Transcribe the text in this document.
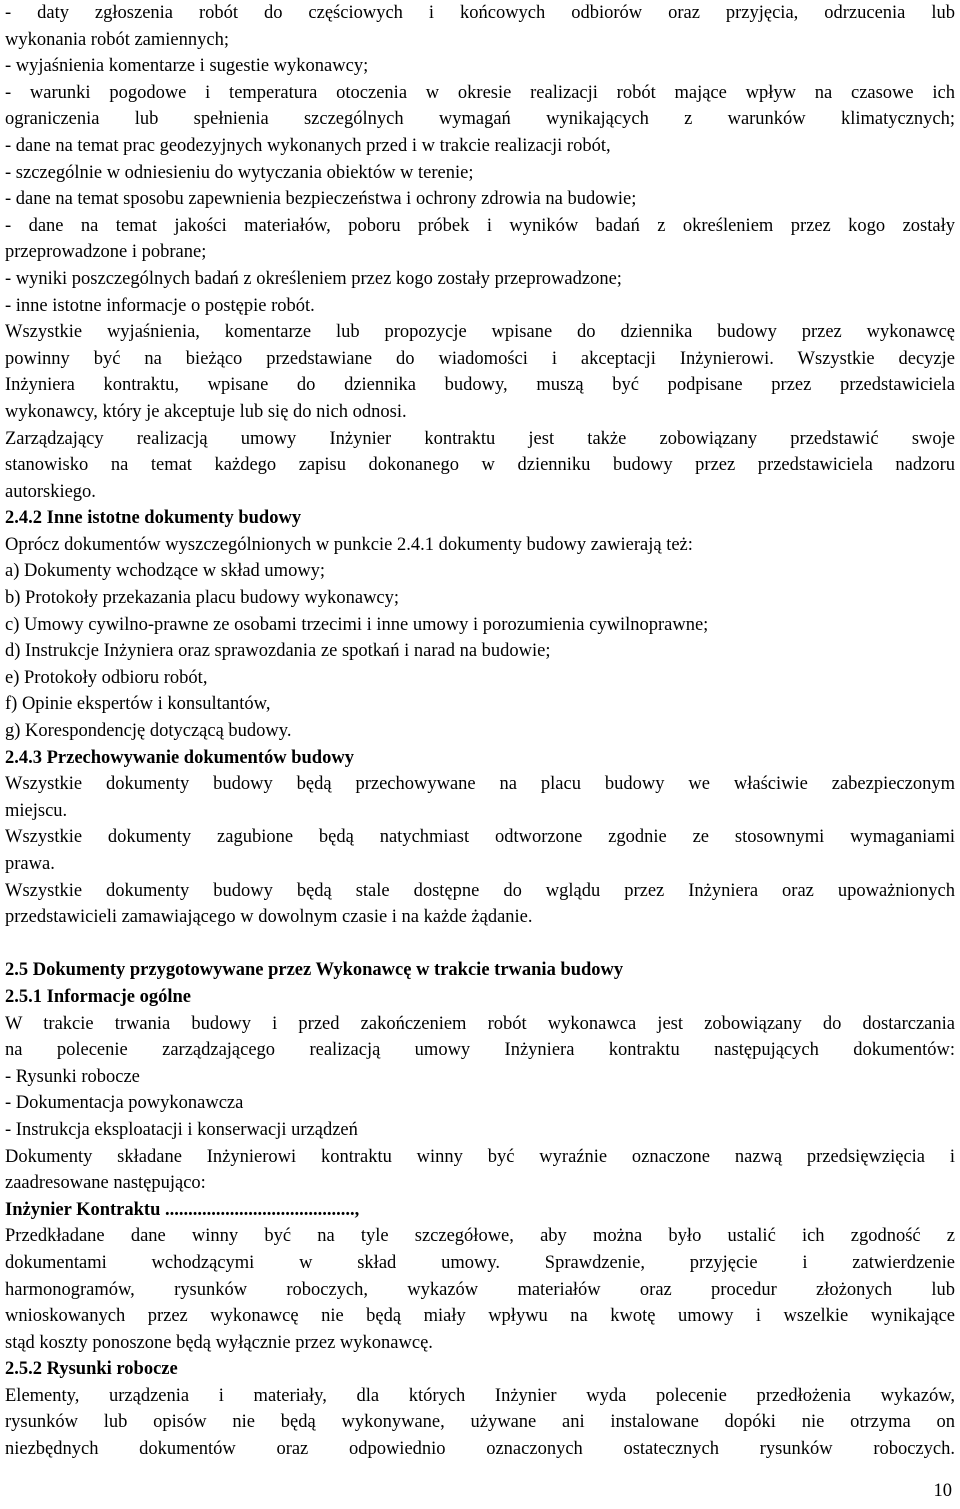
- daty zgłoszenia robót do częściowych i końcowych odbiorów oraz przyjęcia, odrzucenia lub
wykonania robót zamiennych;
- wyjaśnienia komentarze i sugestie wykonawcy;
- warunki pogodowe i temperatura otoczenia w okresie realizacji robót mające wpływ na czasowe ich
ograniczenia lub spełnienia szczególnych wymagań wynikających z warunków klimatycznych;
- dane na temat prac geodezyjnych wykonanych przed i w trakcie realizacji robót,
- szczególnie w odniesieniu do wytyczania obiektów w terenie;
- dane na temat sposobu zapewnienia bezpieczeństwa i ochrony zdrowia na budowie;
- dane na temat jakości materiałów, poboru próbek i wyników badań z określeniem przez kogo zostały
przeprowadzone i pobrane;
- wyniki poszczególnych badań z określeniem przez kogo zostały przeprowadzone;
- inne istotne informacje o postępie robót.
Wszystkie wyjaśnienia, komentarze lub propozycje wpisane do dziennika budowy przez wykonawcę
powinny być na bieżąco przedstawiane do wiadomości i akceptacji Inżynierowi. Wszystkie decyzje
Inżyniera kontraktu, wpisane do dziennika budowy, muszą być podpisane przez przedstawiciela
wykonawcy, który je akceptuje lub się do nich odnosi.
Zarządzający realizacją umowy Inżynier kontraktu jest także zobowiązany przedstawić swoje
stanowisko na temat każdego zapisu dokonanego w dzienniku budowy przez przedstawiciela nadzoru
autorskiego.
2.4.2 Inne istotne dokumenty budowy
Oprócz dokumentów wyszczególnionych w punkcie 2.4.1 dokumenty budowy zawierają też:
a) Dokumenty wchodzące w skład umowy;
b) Protokoły przekazania placu budowy wykonawcy;
c) Umowy cywilno-prawne ze osobami trzecimi i inne umowy i porozumienia cywilnoprawne;
d) Instrukcje Inżyniera oraz sprawozdania ze spotkań i narad na budowie;
e) Protokoły odbioru robót,
f) Opinie ekspertów i konsultantów,
g) Korespondencję dotyczącą budowy.
2.4.3 Przechowywanie dokumentów budowy
Wszystkie dokumenty budowy będą przechowywane na placu budowy we właściwie zabezpieczonym
miejscu.
Wszystkie dokumenty zagubione będą natychmiast odtworzone zgodnie ze stosownymi wymaganiami
prawa.
Wszystkie dokumenty budowy będą stale dostępne do wglądu przez Inżyniera oraz upoważnionych
przedstawicieli zamawiającego w dowolnym czasie i na każde żądanie.
2.5 Dokumenty przygotowywane przez Wykonawcę w trakcie trwania budowy
2.5.1 Informacje ogólne
W trakcie trwania budowy i przed zakończeniem robót wykonawca jest zobowiązany do dostarczania
na polecenie zarządzającego realizacją umowy Inżyniera kontraktu następujących dokumentów:
- Rysunki robocze
- Dokumentacja powykonawcza
- Instrukcja eksploatacji i konserwacji urządzeń
Dokumenty składane Inżynierowi kontraktu winny być wyraźnie oznaczone nazwą przedsięwzięcia i
zaadresowane następująco:
Inżynier Kontraktu .........................................,
Przedkładane dane winny być na tyle szczegółowe, aby można było ustalić ich zgodność z
dokumentami wchodzącymi w skład umowy. Sprawdzenie, przyjęcie i zatwierdzenie
harmonogramów, rysunków roboczych, wykazów materiałów oraz procedur złożonych lub
wnioskowanych przez wykonawcę nie będą miały wpływu na kwotę umowy i wszelkie wynikające
stąd koszty ponoszone będą wyłącznie przez wykonawcę.
2.5.2 Rysunki robocze
Elementy, urządzenia i materiały, dla których Inżynier wyda polecenie przedłożenia wykazów,
rysunków lub opisów nie będą wykonywane, używane ani instalowane dopóki nie otrzyma on
niezbędnych dokumentów oraz odpowiednio oznaczonych ostatecznych rysunków roboczych.
10
